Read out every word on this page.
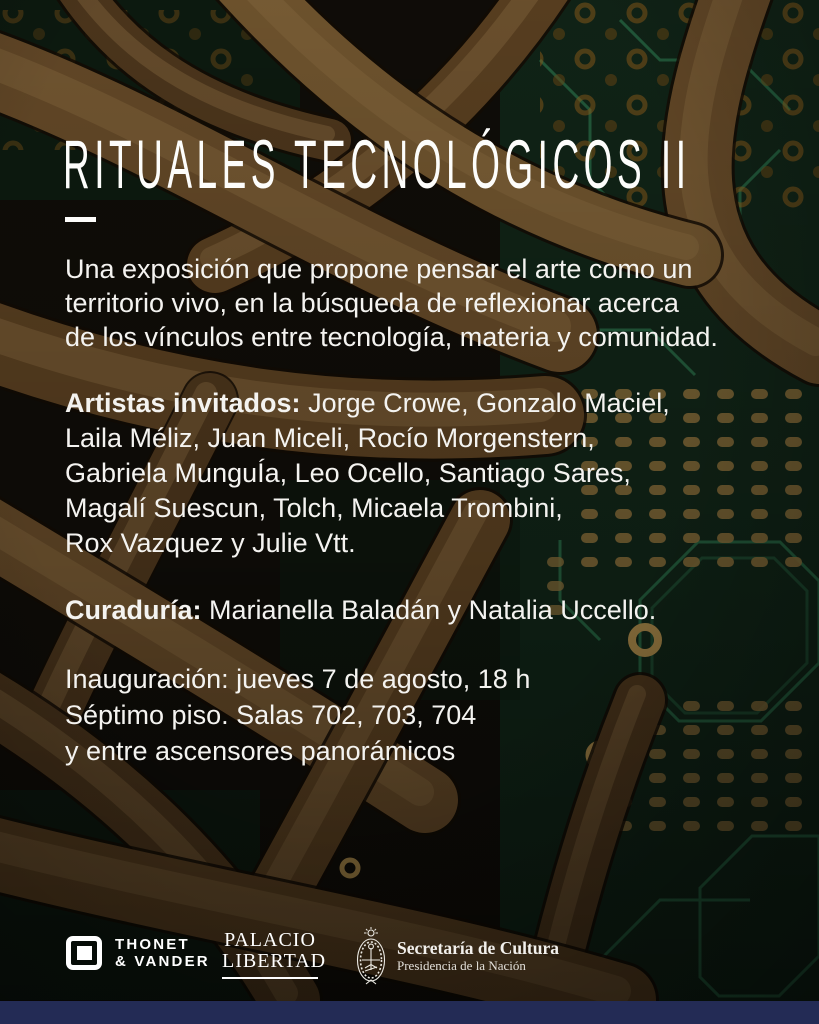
RITUALES TECNOLÓGICOS II
Una exposición que propone pensar el arte como un
territorio vivo, en la búsqueda de reflexionar acerca
de los vínculos entre tecnología, materia y comunidad.
Artistas invitados: Jorge Crowe, Gonzalo Maciel,
Laila Méliz, Juan Miceli, Rocío Morgenstern,
Gabriela MunguÍa, Leo Ocello, Santiago Sares,
Magalí Suescun, Tolch, Micaela Trombini,
Rox Vazquez y Julie Vtt.
Curaduría: Marianella Baladán y Natalia Uccello.
Inauguración: jueves 7 de agosto, 18 h
Séptimo piso. Salas 702, 703, 704
y entre ascensores panorámicos
THONET
& VANDER
PALACIO
LIBERTAD
Secretaría de Cultura
Presidencia de la Nación
